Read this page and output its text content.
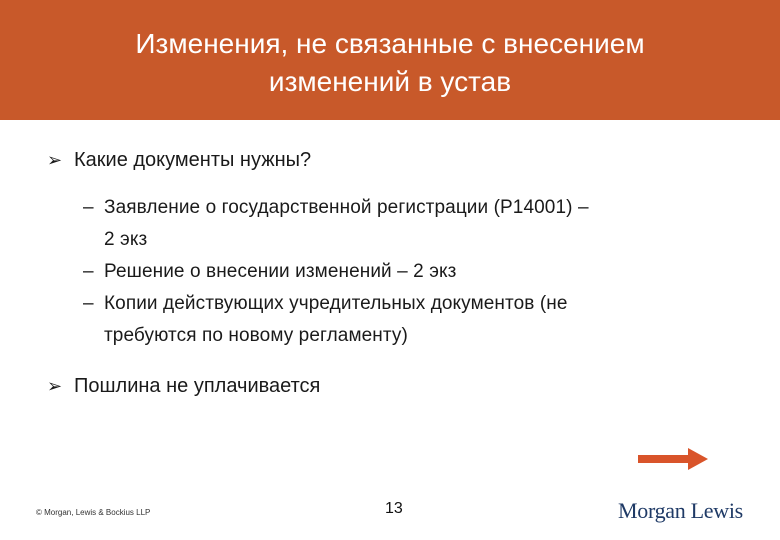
Изменения, не связанные с внесением
изменений в устав
➢ Какие документы нужны?
– Заявление о государственной регистрации (Р14001) –
2 экз
– Решение о внесении изменений – 2 экз
– Копии действующих учредительных документов (не
требуются по новому регламенту)
➢ Пошлина не уплачивается
© Morgan, Lewis & Bockius LLP	13	Morgan Lewis
